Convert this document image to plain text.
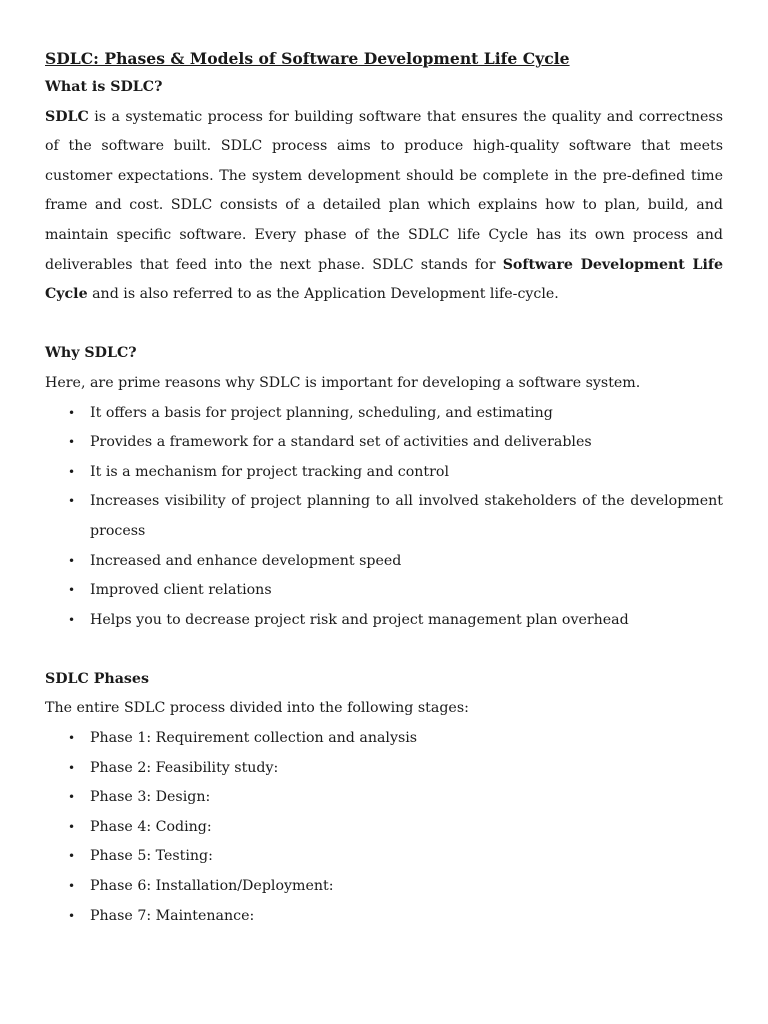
SDLC: Phases & Models of Software Development Life Cycle

What is SDLC?

SDLC is a systematic process for building software that ensures the quality and correctness of the software built. SDLC process aims to produce high-quality software that meets customer expectations. The system development should be complete in the pre-defined time frame and cost. SDLC consists of a detailed plan which explains how to plan, build, and maintain specific software. Every phase of the SDLC life Cycle has its own process and deliverables that feed into the next phase. SDLC stands for Software Development Life Cycle and is also referred to as the Application Development life-cycle.

Why SDLC?

Here, are prime reasons why SDLC is important for developing a software system.

• It offers a basis for project planning, scheduling, and estimating
• Provides a framework for a standard set of activities and deliverables
• It is a mechanism for project tracking and control
• Increases visibility of project planning to all involved stakeholders of the development process
• Increased and enhance development speed
• Improved client relations
• Helps you to decrease project risk and project management plan overhead

SDLC Phases

The entire SDLC process divided into the following stages:

• Phase 1: Requirement collection and analysis
• Phase 2: Feasibility study:
• Phase 3: Design:
• Phase 4: Coding:
• Phase 5: Testing:
• Phase 6: Installation/Deployment:
• Phase 7: Maintenance:
